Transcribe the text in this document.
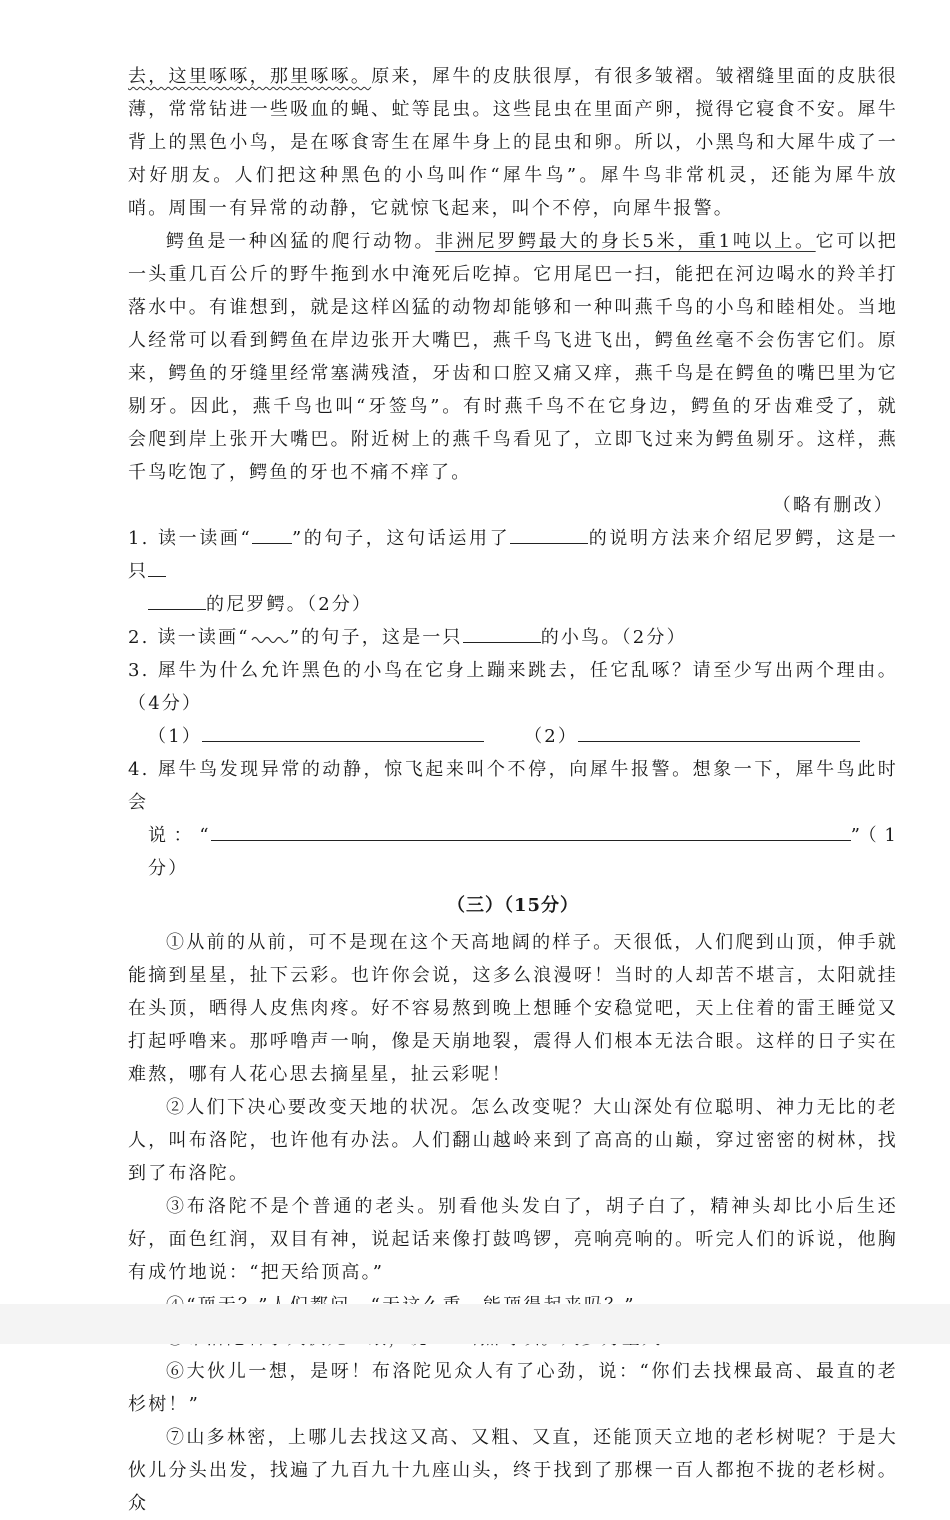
去，这里啄啄，那里啄啄。原来，犀牛的皮肤很厚，有很多皱褶。皱褶缝里面的皮肤很薄，常常钻进一些吸血的蝇、虻等昆虫。这些昆虫在里面产卵，搅得它寝食不安。犀牛背上的黑色小鸟，是在啄食寄生在犀牛身上的昆虫和卵。所以，小黑鸟和大犀牛成了一对好朋友。人们把这种黑色的小鸟叫作“犀牛鸟”。犀牛鸟非常机灵，还能为犀牛放哨。周围一有异常的动静，它就惊飞起来，叫个不停，向犀牛报警。

鳄鱼是一种凶猛的爬行动物。非洲尼罗鳄最大的身长5米，重1吨以上。它可以把一头重几百公斤的野牛拖到水中淹死后吃掉。它用尾巴一扫，能把在河边喝水的羚羊打落水中。有谁想到，就是这样凶猛的动物却能够和一种叫燕千鸟的小鸟和睦相处。当地人经常可以看到鳄鱼在岸边张开大嘴巴，燕千鸟飞进飞出，鳄鱼丝毫不会伤害它们。原来，鳄鱼的牙缝里经常塞满残渣，牙齿和口腔又痛又痒，燕千鸟是在鳄鱼的嘴巴里为它剔牙。因此，燕千鸟也叫“牙签鸟”。有时燕千鸟不在它身边，鳄鱼的牙齿难受了，就会爬到岸上张开大嘴巴。附近树上的燕千鸟看见了，立即飞过来为鳄鱼剔牙。这样，燕千鸟吃饱了，鳄鱼的牙也不痛不痒了。

（略有删改）

1. 读一读画“ ”的句子，这句话运用了	的说明方法来介绍尼罗鳄，这是一只

的尼罗鳄。（2分）

2. 读一读画“ ”的句子，这是一只	的小鸟。（2分）

3. 犀牛为什么允许黑色的小鸟在它身上蹦来跳去，任它乱啄？请至少写出两个理由。（4分）

（1）	（2）

4. 犀牛鸟发现异常的动静，惊飞起来叫个不停，向犀牛报警。想象一下，犀牛鸟此时会

说：“	”（1分）

（三）（15分）

①从前的从前，可不是现在这个天高地阔的样子。天很低，人们爬到山顶，伸手就能摘到星星，扯下云彩。也许你会说，这多么浪漫呀！当时的人却苦不堪言，太阳就挂在头顶，晒得人皮焦肉疼。好不容易熬到晚上想睡个安稳觉吧，天上住着的雷王睡觉又打起呼噜来。那呼噜声一响，像是天崩地裂，震得人们根本无法合眼。这样的日子实在难熬，哪有人花心思去摘星星，扯云彩呢！

②人们下决心要改变天地的状况。怎么改变呢？大山深处有位聪明、神力无比的老人，叫布洛陀，也许他有办法。人们翻山越岭来到了高高的山巅，穿过密密的树林，找到了布洛陀。

③布洛陀不是个普通的老头。别看他头发白了，胡子白了，精神头却比小后生还好，面色红润，双目有神，说起话来像打鼓鸣锣，亮响亮响的。听完人们的诉说，他胸有成竹地说：“把天给顶高。”

⑥大伙儿一想，是呀！布洛陀见众人有了心劲，说：“你们去找棵最高、最直的老杉树！”

⑦山多林密，上哪儿去找这又高、又粗、又直，还能顶天立地的老杉树呢？于是大伙儿分头出发，找遍了九百九十九座山头，终于找到了那棵一百人都抱不拢的老杉树。众
